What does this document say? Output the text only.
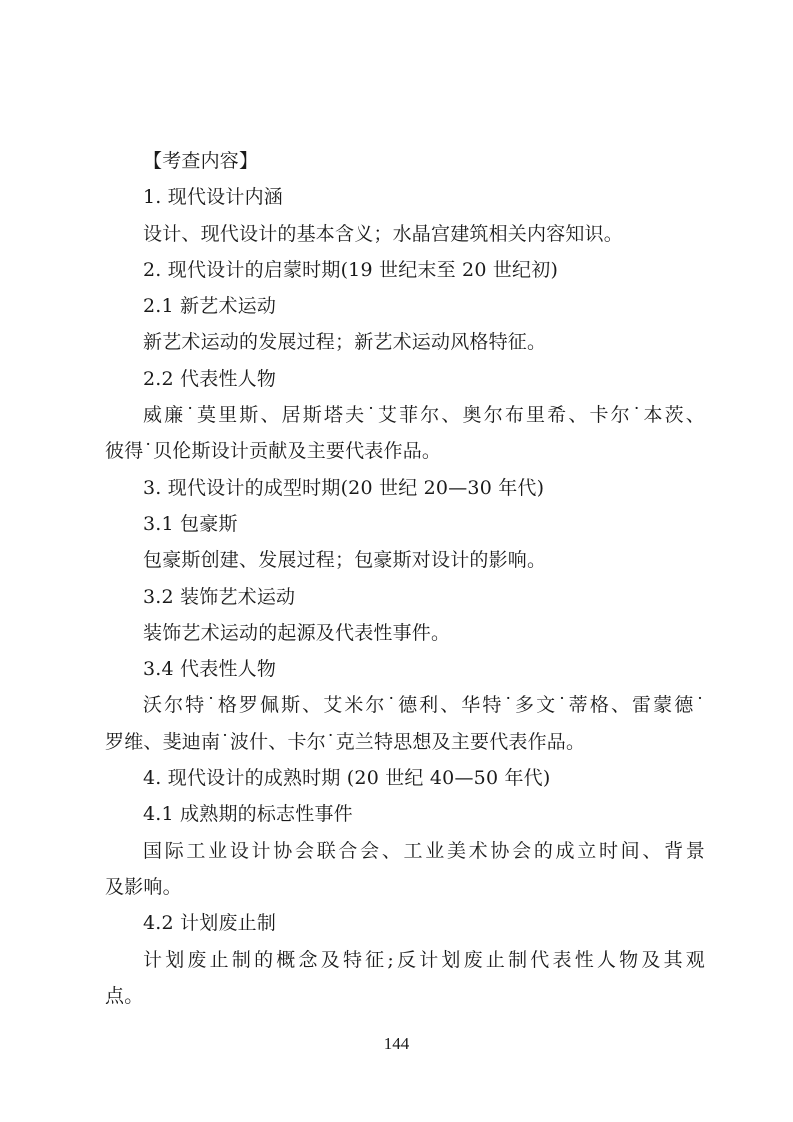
【考查内容】

1. 现代设计内涵

设计、现代设计的基本含义；水晶宫建筑相关内容知识。

2. 现代设计的启蒙时期(19 世纪末至 20 世纪初)

2.1 新艺术运动

新艺术运动的发展过程；新艺术运动风格特征。

2.2 代表性人物

威廉˙莫里斯、居斯塔夫˙艾菲尔、奥尔布里希、卡尔˙本茨、

彼得˙贝伦斯设计贡献及主要代表作品。

3. 现代设计的成型时期(20 世纪 20—30 年代)

3.1 包豪斯

包豪斯创建、发展过程；包豪斯对设计的影响。

3.2 装饰艺术运动

装饰艺术运动的起源及代表性事件。

3.4 代表性人物

沃尔特˙格罗佩斯、艾米尔˙德利、华特˙多文˙蒂格、雷蒙德˙

罗维、斐迪南˙波什、卡尔˙克兰特思想及主要代表作品。

4. 现代设计的成熟时期 (20 世纪 40—50 年代)

4.1 成熟期的标志性事件

国际工业设计协会联合会、工业美术协会的成立时间、背景

及影响。

4.2 计划废止制

计划废止制的概念及特征;反计划废止制代表性人物及其观

点。

144
